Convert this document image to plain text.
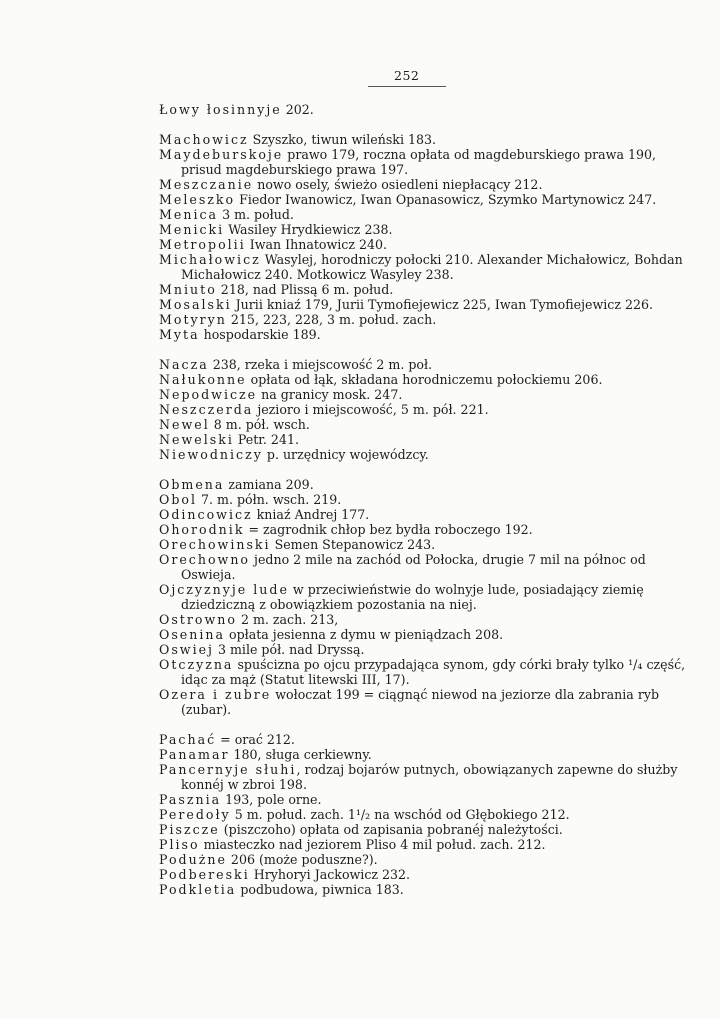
252

Łowy łosinnyje 202.

Machowicz Szyszko, tiwun wileński 183.

Maydeburskoje prawo 179, roczna opłata od magdeburskiego prawa 190, prisud magdeburskiego prawa 197.

Meszczanie nowo osely, świeżo osiedleni niepłacący 212.

Meleszko Fiedor Iwanowicz, Iwan Opanasowicz, Szymko Martynowicz 247.

Menica 3 m. połud.

Menicki Wasiley Hrydkiewicz 238.

Metropolii Iwan Ihnatowicz 240.

Michałowicz Wasylej, horodniczy połocki 210. Alexander Michałowicz, Bohdan Michałowicz 240. Motkowicz Wasyley 238.

Mniuto 218, nad Plissą 6 m. połud.

Mosalski Jurii kniaź 179, Jurii Tymofiejewicz 225, Iwan Tymofiejewicz 226.

Motyryn 215, 223, 228, 3 m. połud. zach.

Myta hospodarskie 189.

Nacza 238, rzeka i miejscowość 2 m. poł.

Nałukonne opłata od łąk, składana horodniczemu połockiemu 206.

Nepodwicze na granicy mosk. 247.

Neszczerda jezioro i miejscowość, 5 m. pół. 221.

Newel 8 m. pół. wsch.

Newelski Petr. 241.

Niewodniczy p. urzędnicy wojewódzcy.

Obmena zamiana 209.

Obol 7. m. półn. wsch. 219.

Odincowicz kniaź Andrej 177.

Ohorodnik = zagrodnik chłop bez bydła roboczego 192.

Orechowinski Semen Stepanowicz 243.

Orechowno jedno 2 mile na zachód od Połocka, drugie 7 mil na północ od Oswieja.

Ojczyznyje lude w przeciwieństwie do wolnyje lude, posiadający ziemię dziedziczną z obowiązkiem pozostania na niej.

Ostrowno 2 m. zach. 213,

Osenina opłata jesienna z dymu w pieniądzach 208.

Oswiej 3 mile pół. nad Dryssą.

Otczyzna spuścizna po ojcu przypadająca synom, gdy córki brały tylko ¹/₄ część, idąc za mąż (Statut litewski III, 17).

Ozera i zubre wołoczat 199 = ciągnąć niewod na jeziorze dla zabrania ryb (zubar).

Pachać = orać 212.

Panamar 180, sługa cerkiewny.

Pancernyje słuhi, rodzaj bojarów putnych, obowiązanych zapewne do służby konnéj w zbroi 198.

Pasznia 193, pole orne.

Peredoły 5 m. połud. zach. 1¹/₂ na wschód od Głębokiego 212.

Piszcze (piszczoho) opłata od zapisania pobranéj należytości.

Pliso miasteczko nad jeziorem Pliso 4 mil połud. zach. 212.

Podużne 206 (może poduszne?).

Podbereski Hryhoryi Jackowicz 232.

Podkletia podbudowa, piwnica 183.
